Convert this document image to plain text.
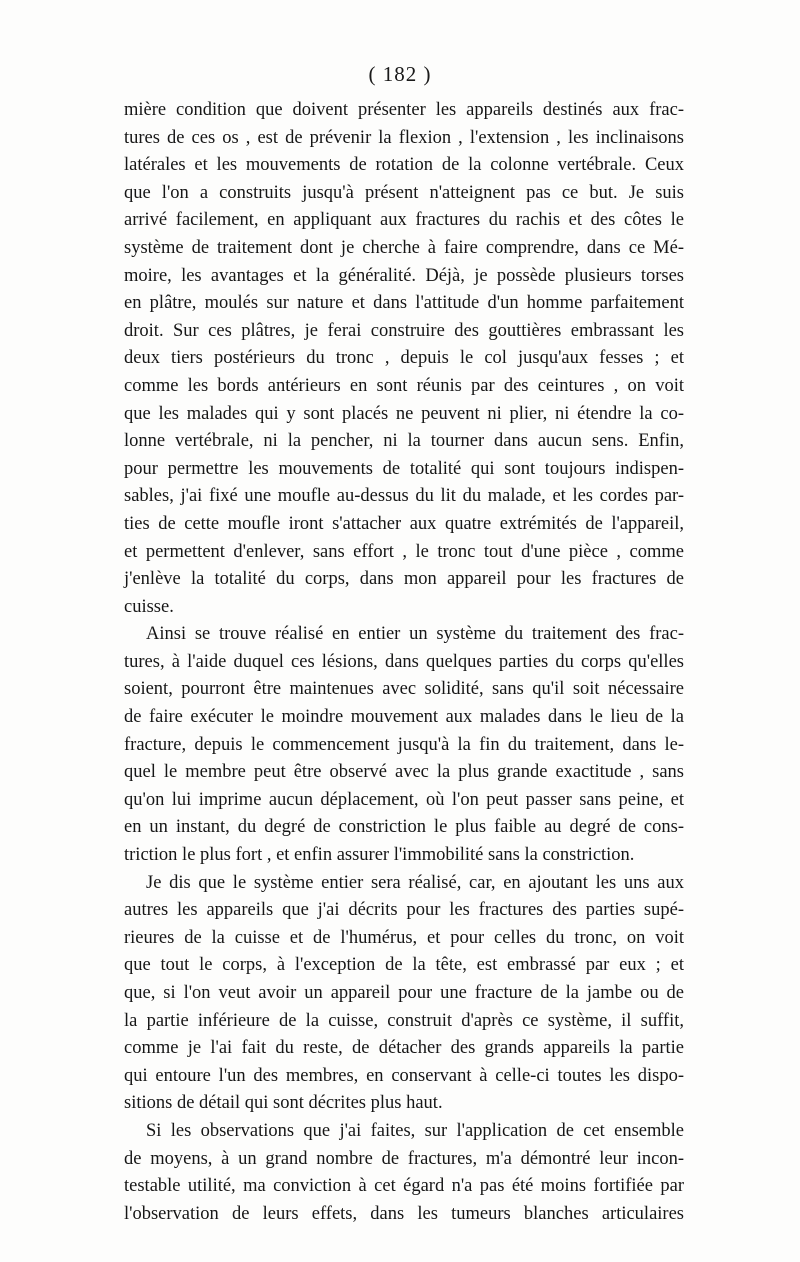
( 182 )
mière condition que doivent présenter les appareils destinés aux frac-
tures de ces os , est de prévenir la flexion , l'extension , les inclinaisons
latérales et les mouvements de rotation de la colonne vertébrale. Ceux
que l'on a construits jusqu'à présent n'atteignent pas ce but. Je suis
arrivé facilement, en appliquant aux fractures du rachis et des côtes le
système de traitement dont je cherche à faire comprendre, dans ce Mé-
moire, les avantages et la généralité. Déjà, je possède plusieurs torses
en plâtre, moulés sur nature et dans l'attitude d'un homme parfaitement
droit. Sur ces plâtres, je ferai construire des gouttières embrassant les
deux tiers postérieurs du tronc , depuis le col jusqu'aux fesses ; et
comme les bords antérieurs en sont réunis par des ceintures , on voit
que les malades qui y sont placés ne peuvent ni plier, ni étendre la co-
lonne vertébrale, ni la pencher, ni la tourner dans aucun sens. Enfin,
pour permettre les mouvements de totalité qui sont toujours indispen-
sables, j'ai fixé une moufle au-dessus du lit du malade, et les cordes par-
ties de cette moufle iront s'attacher aux quatre extrémités de l'appareil,
et permettent d'enlever, sans effort , le tronc tout d'une pièce , comme
j'enlève la totalité du corps, dans mon appareil pour les fractures de
cuisse.
Ainsi se trouve réalisé en entier un système du traitement des frac-
tures, à l'aide duquel ces lésions, dans quelques parties du corps qu'elles
soient, pourront être maintenues avec solidité, sans qu'il soit nécessaire
de faire exécuter le moindre mouvement aux malades dans le lieu de la
fracture, depuis le commencement jusqu'à la fin du traitement, dans le-
quel le membre peut être observé avec la plus grande exactitude , sans
qu'on lui imprime aucun déplacement, où l'on peut passer sans peine, et
en un instant, du degré de constriction le plus faible au degré de cons-
triction le plus fort , et enfin assurer l'immobilité sans la constriction.
Je dis que le système entier sera réalisé, car, en ajoutant les uns aux
autres les appareils que j'ai décrits pour les fractures des parties supé-
rieures de la cuisse et de l'humérus, et pour celles du tronc, on voit
que tout le corps, à l'exception de la tête, est embrassé par eux ; et
que, si l'on veut avoir un appareil pour une fracture de la jambe ou de
la partie inférieure de la cuisse, construit d'après ce système, il suffit,
comme je l'ai fait du reste, de détacher des grands appareils la partie
qui entoure l'un des membres, en conservant à celle-ci toutes les dispo-
sitions de détail qui sont décrites plus haut.
Si les observations que j'ai faites, sur l'application de cet ensemble
de moyens, à un grand nombre de fractures, m'a démontré leur incon-
testable utilité, ma conviction à cet égard n'a pas été moins fortifiée par
l'observation de leurs effets, dans les tumeurs blanches articulaires
